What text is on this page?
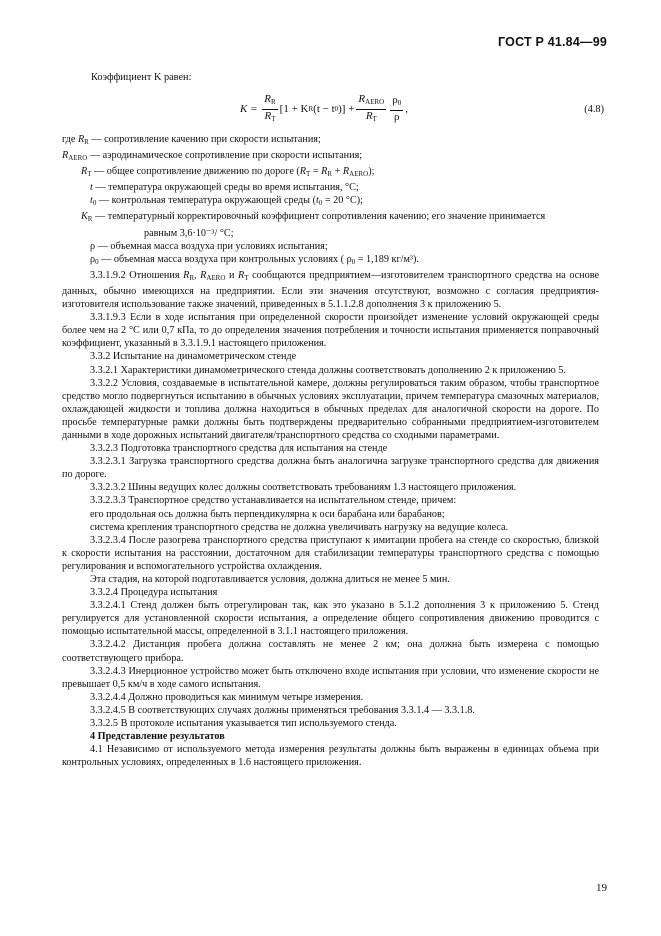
ГОСТ Р 41.84—99
Коэффициент K равен:
K =
$\frac{R_R}{R_T} [1 + K$ R (t − t 0 )] + $\frac{R_{AERO}}{R_T} \frac{\rho_0}{\rho}$ ,	(4.8)

где $R_R$ — сопротивление качению при скорости испытания;

$R_{AERO}$ — аэродинамическое сопротивление при скорости испытания;

$R_T$ — общее сопротивление движению по дороге $(R_T = R_R + R_{AERO})$;

t — температура окружающей среды во время испытания, °С;

$t_0$ — контрольная температура окружающей среды ($t_0 = 20$ °С);

$K_R$ — температурный корректировочный коэффициент сопротивления качению; его значение принимается

равным 3,6·10⁻³/ °С;

ρ — объемная масса воздуха при условиях испытания;

$\rho_0$ — объемная масса воздуха при контрольных условиях ( $\rho_0 = 1,189$ кг/м³).

3.3.1.9.2 Отношения $R_R$, $R_{AERO}$ и $R_T$ сообщаются предприятием—изготовителем транспортного средства на основе данных, обычно имеющихся на предприятии. Если эти значения отсутствуют, возможно с согласия предприятия-изготовителя использование также значений, приведенных в 5.1.1.2.8 дополнения 3 к приложению 5.

3.3.1.9.3 Если в ходе испытания при определенной скорости произойдет изменение условий окружающей среды более чем на 2 °С или 0,7 кПа, то до определения значения потребления и точности испытания применяется поправочный коэффициент, указанный в 3.3.1.9.1 настоящего приложения.

3.3.2 Испытание на динамометрическом стенде

3.3.2.1 Характеристики динамометрического стенда должны соответствовать дополнению 2 к приложению 5.

3.3.2.2 Условия, создаваемые в испытательной камере, должны регулироваться таким образом, чтобы транспортное средство могло подвергнуться испытанию в обычных условиях эксплуатации, причем температура смазочных материалов, охлаждающей жидкости и топлива должна находиться в обычных пределах для аналогичной скорости на дороге. По просьбе температурные рамки должны быть подтверждены предварительно собранными предприятием-изготовителем данными в ходе дорожных испытаний двигателя/транспортного средства со сходными параметрами.

3.3.2.3 Подготовка транспортного средства для испытания на стенде

3.3.2.3.1 Загрузка транспортного средства должна быть аналогична загрузке транспортного средства для движения по дороге.

3.3.2.3.2 Шины ведущих колес должны соответствовать требованиям 1.3 настоящего приложения.

3.3.2.3.3 Транспортное средство устанавливается на испытательном стенде, причем:

его продольная ось должна быть перпендикулярна к оси барабана или барабанов;

система крепления транспортного средства не должна увеличивать нагрузку на ведущие колеса.

3.3.2.3.4 После разогрева транспортного средства приступают к имитации пробега на стенде со скоростью, близкой к скорости испытания на расстоянии, достаточном для стабилизации температуры транспортного средства с помощью регулирования и вспомогательного устройства охлаждения.

Эта стадия, на которой подготавливается условия, должна длиться не менее 5 мин.

3.3.2.4 Процедура испытания

3.3.2.4.1 Стенд должен быть отрегулирован так, как это указано в 5.1.2 дополнения 3 к приложению 5. Стенд регулируется для установленной скорости испытания, а определение общего сопротивления движению проводится с помощью испытательной массы, определенной в 3.1.1 настоящего приложения.

3.3.2.4.2 Дистанция пробега должна составлять не менее 2 км; она должна быть измерена с помощью соответствующего прибора.

3.3.2.4.3 Инерционное устройство может быть отключено входе испытания при условии, что изменение скорости не превышает 0,5 км/ч в ходе самого испытания.

3.3.2.4.4 Должно проводиться как минимум четыре измерения.

3.3.2.4.5 В соответствующих случаях должны применяться требования 3.3.1.4 — 3.3.1.8.

3.3.2.5 В протоколе испытания указывается тип используемого стенда.

4 Представление результатов

4.1 Независимо от используемого метода измерения результаты должны быть выражены в единицах объема при контрольных условиях, определенных в 1.6 настоящего приложения.

19
